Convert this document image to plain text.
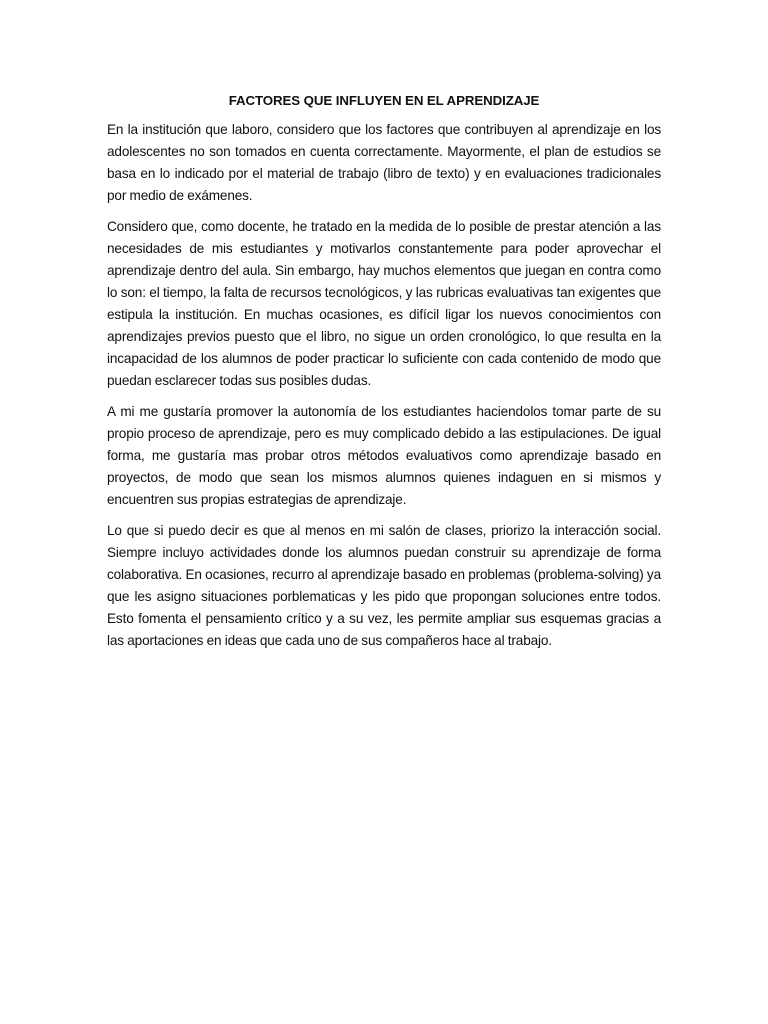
FACTORES QUE INFLUYEN EN EL APRENDIZAJE

En la institución que laboro, considero que los factores que contribuyen al aprendizaje en los adolescentes no son tomados en cuenta correctamente. Mayormente, el plan de estudios se basa en lo indicado por el material de trabajo (libro de texto) y en evaluaciones tradicionales por medio de exámenes.

Considero que, como docente, he tratado en la medida de lo posible de prestar atención a las necesidades de mis estudiantes y motivarlos constantemente para poder aprovechar el aprendizaje dentro del aula. Sin embargo, hay muchos elementos que juegan en contra como lo son: el tiempo, la falta de recursos tecnológicos, y las rubricas evaluativas tan exigentes que estipula la institución. En muchas ocasiones, es difícil ligar los nuevos conocimientos con aprendizajes previos puesto que el libro, no sigue un orden cronológico, lo que resulta en la incapacidad de los alumnos de poder practicar lo suficiente con cada contenido de modo que puedan esclarecer todas sus posibles dudas.

A mi me gustaría promover la autonomía de los estudiantes haciendolos tomar parte de su propio proceso de aprendizaje, pero es muy complicado debido a las estipulaciones. De igual forma, me gustaría mas probar otros métodos evaluativos como aprendizaje basado en proyectos, de modo que sean los mismos alumnos quienes indaguen en si mismos y encuentren sus propias estrategias de aprendizaje.

Lo que si puedo decir es que al menos en mi salón de clases, priorizo la interacción social. Siempre incluyo actividades donde los alumnos puedan construir su aprendizaje de forma colaborativa. En ocasiones, recurro al aprendizaje basado en problemas (problema-solving) ya que les asigno situaciones porblematicas y les pido que propongan soluciones entre todos. Esto fomenta el pensamiento crítico y a su vez, les permite ampliar sus esquemas gracias a las aportaciones en ideas que cada uno de sus compañeros hace al trabajo.
